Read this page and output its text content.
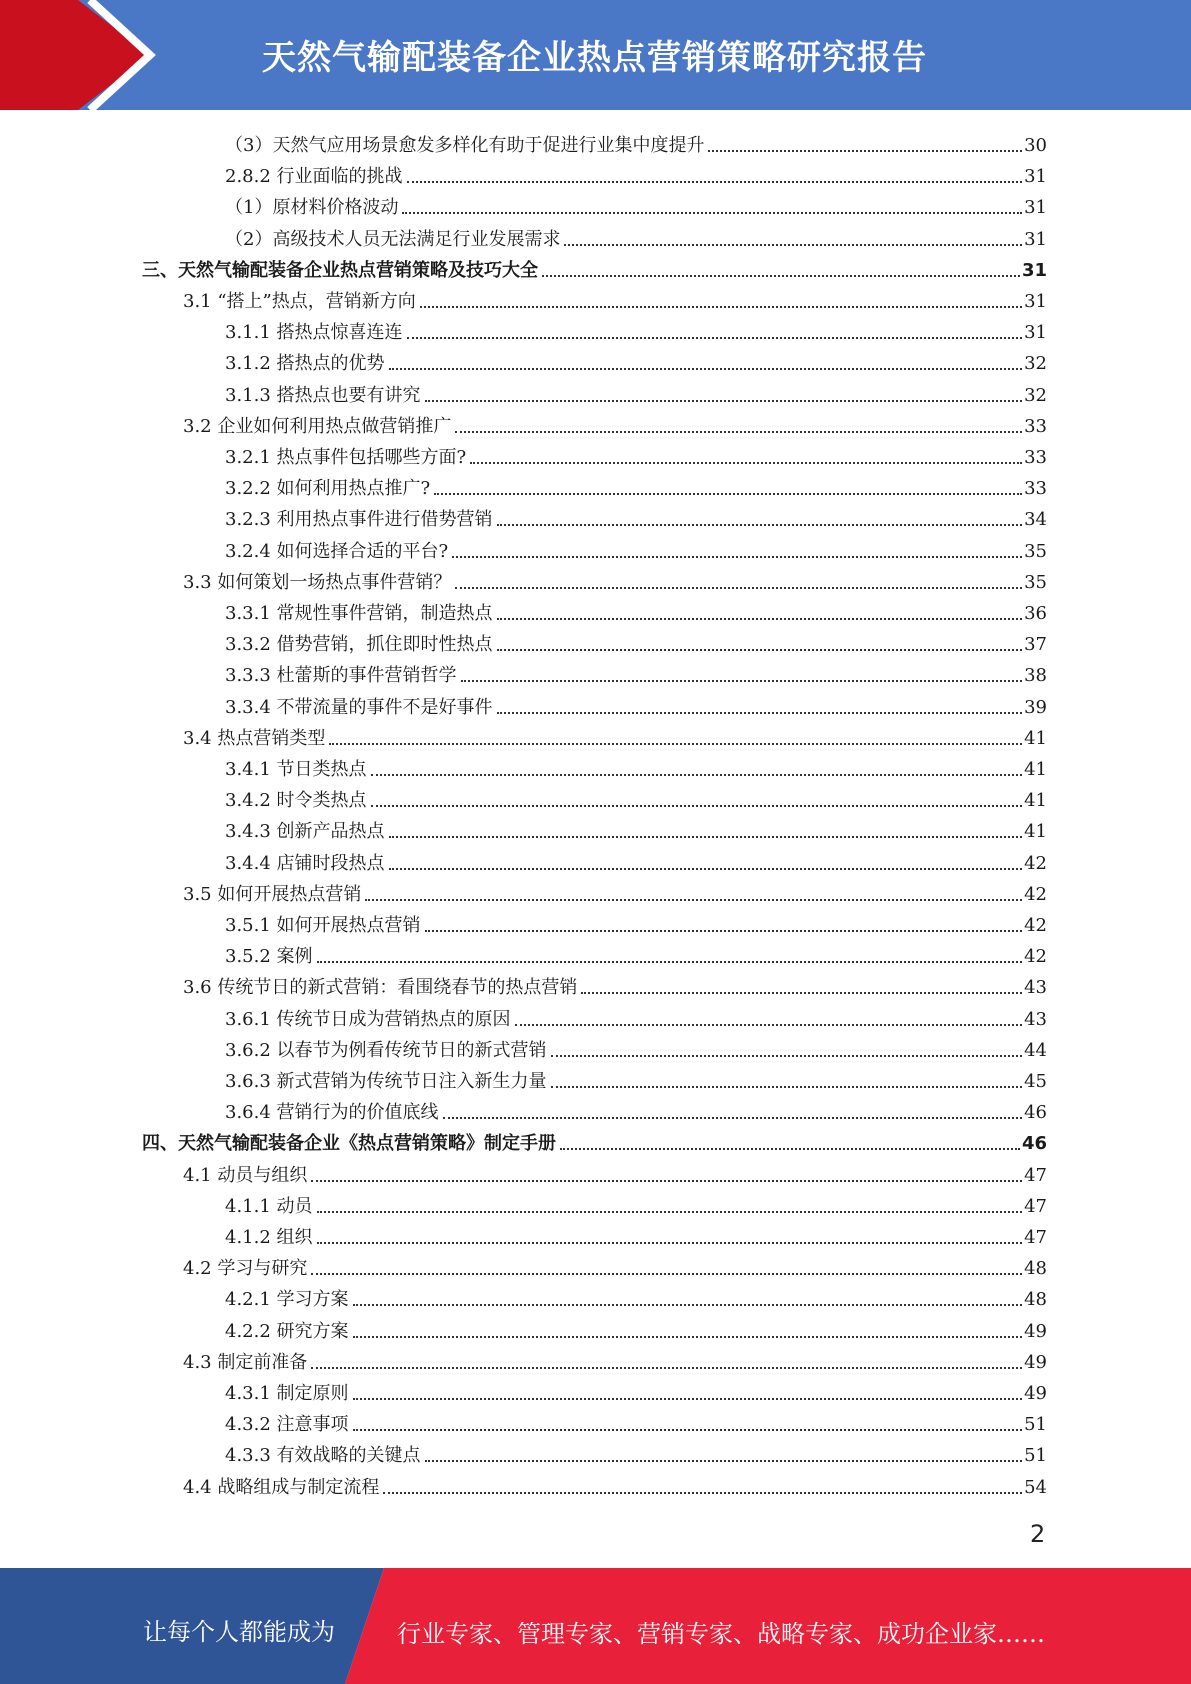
天然气输配装备企业热点营销策略研究报告
（3）天然气应用场景愈发多样化有助于促进行业集中度提升	30
2.8.2 行业面临的挑战	31
（1）原材料价格波动	31
（2）高级技术人员无法满足行业发展需求	31
三、天然气输配装备企业热点营销策略及技巧大全	31
3.1 “搭上”热点，营销新方向	31
3.1.1 搭热点惊喜连连	31
3.1.2 搭热点的优势	32
3.1.3 搭热点也要有讲究	32
3.2 企业如何利用热点做营销推广	33
3.2.1 热点事件包括哪些方面?	33
3.2.2 如何利用热点推广?	33
3.2.3 利用热点事件进行借势营销	34
3.2.4 如何选择合适的平台?	35
3.3 如何策划一场热点事件营销？	35
3.3.1 常规性事件营销，制造热点	36
3.3.2 借势营销，抓住即时性热点	37
3.3.3 杜蕾斯的事件营销哲学	38
3.3.4 不带流量的事件不是好事件	39
3.4 热点营销类型	41
3.4.1 节日类热点	41
3.4.2 时令类热点	41
3.4.3 创新产品热点	41
3.4.4 店铺时段热点	42
3.5 如何开展热点营销	42
3.5.1 如何开展热点营销	42
3.5.2 案例	42
3.6 传统节日的新式营销：看围绕春节的热点营销	43
3.6.1 传统节日成为营销热点的原因	43
3.6.2 以春节为例看传统节日的新式营销	44
3.6.3 新式营销为传统节日注入新生力量	45
3.6.4 营销行为的价值底线	46
四、天然气输配装备企业《热点营销策略》制定手册	46
4.1 动员与组织	47
4.1.1 动员	47
4.1.2 组织	47
4.2 学习与研究	48
4.2.1 学习方案	48
4.2.2 研究方案	49
4.3 制定前准备	49
4.3.1 制定原则	49
4.3.2 注意事项	51
4.3.3 有效战略的关键点	51
4.4 战略组成与制定流程	54
2
让每个人都能成为	行业专家、管理专家、营销专家、战略专家、成功企业家……
